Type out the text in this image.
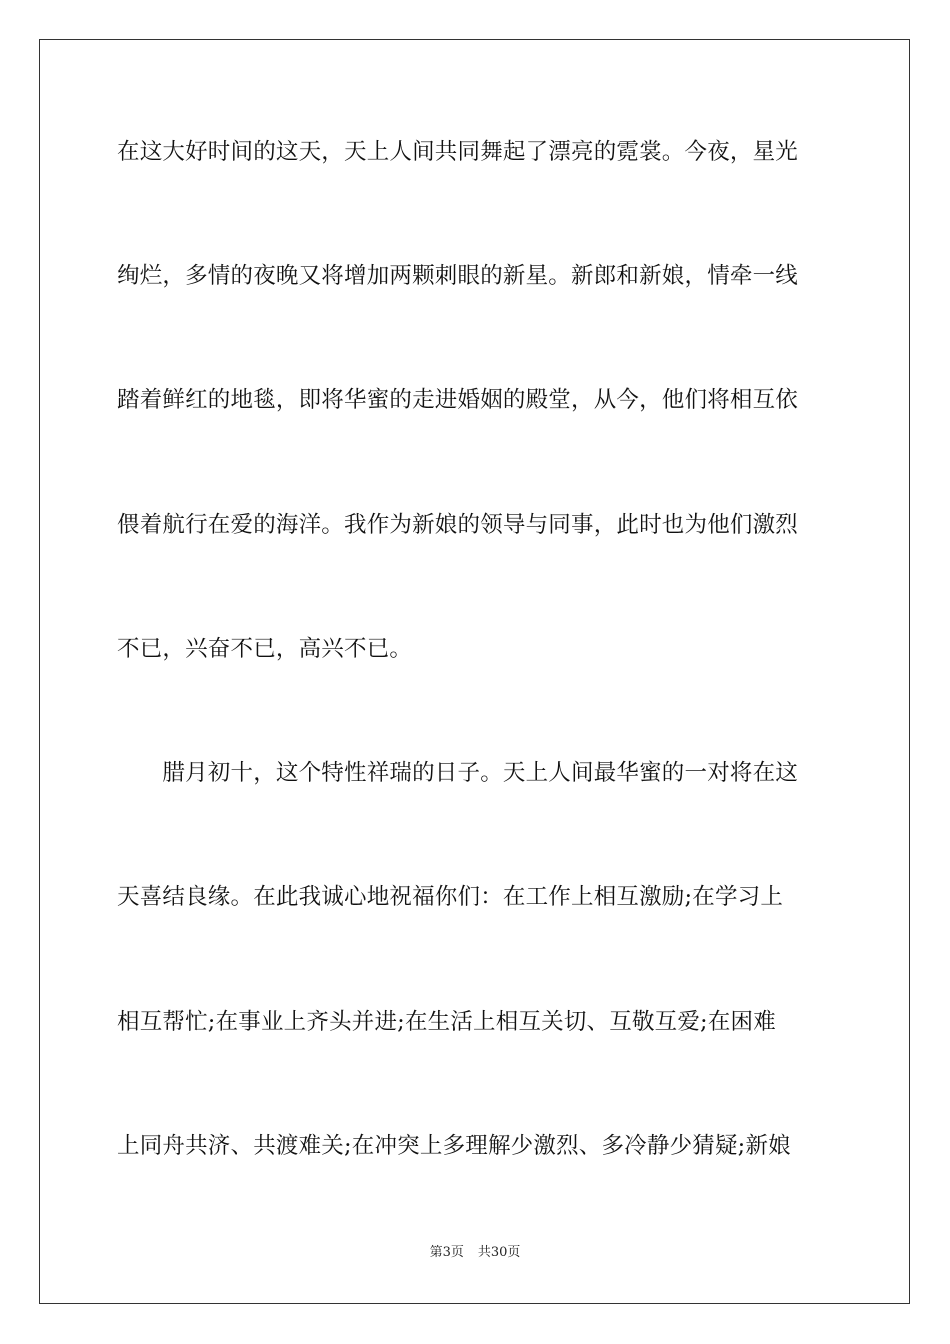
在这大好时间的这天，天上人间共同舞起了漂亮的霓裳。今夜，星光
绚烂，多情的夜晚又将增加两颗刺眼的新星。新郎和新娘，情牵一线
踏着鲜红的地毯，即将华蜜的走进婚姻的殿堂，从今，他们将相互依
偎着航行在爱的海洋。我作为新娘的领导与同事，此时也为他们激烈
不已，兴奋不已，高兴不已。
　　腊月初十，这个特性祥瑞的日子。天上人间最华蜜的一对将在这
天喜结良缘。在此我诚心地祝福你们：在工作上相互激励;在学习上
相互帮忙;在事业上齐头并进;在生活上相互关切、互敬互爱;在困难
上同舟共济、共渡难关;在冲突上多理解少激烈、多冷静少猜疑;新娘
第3页 共30页
